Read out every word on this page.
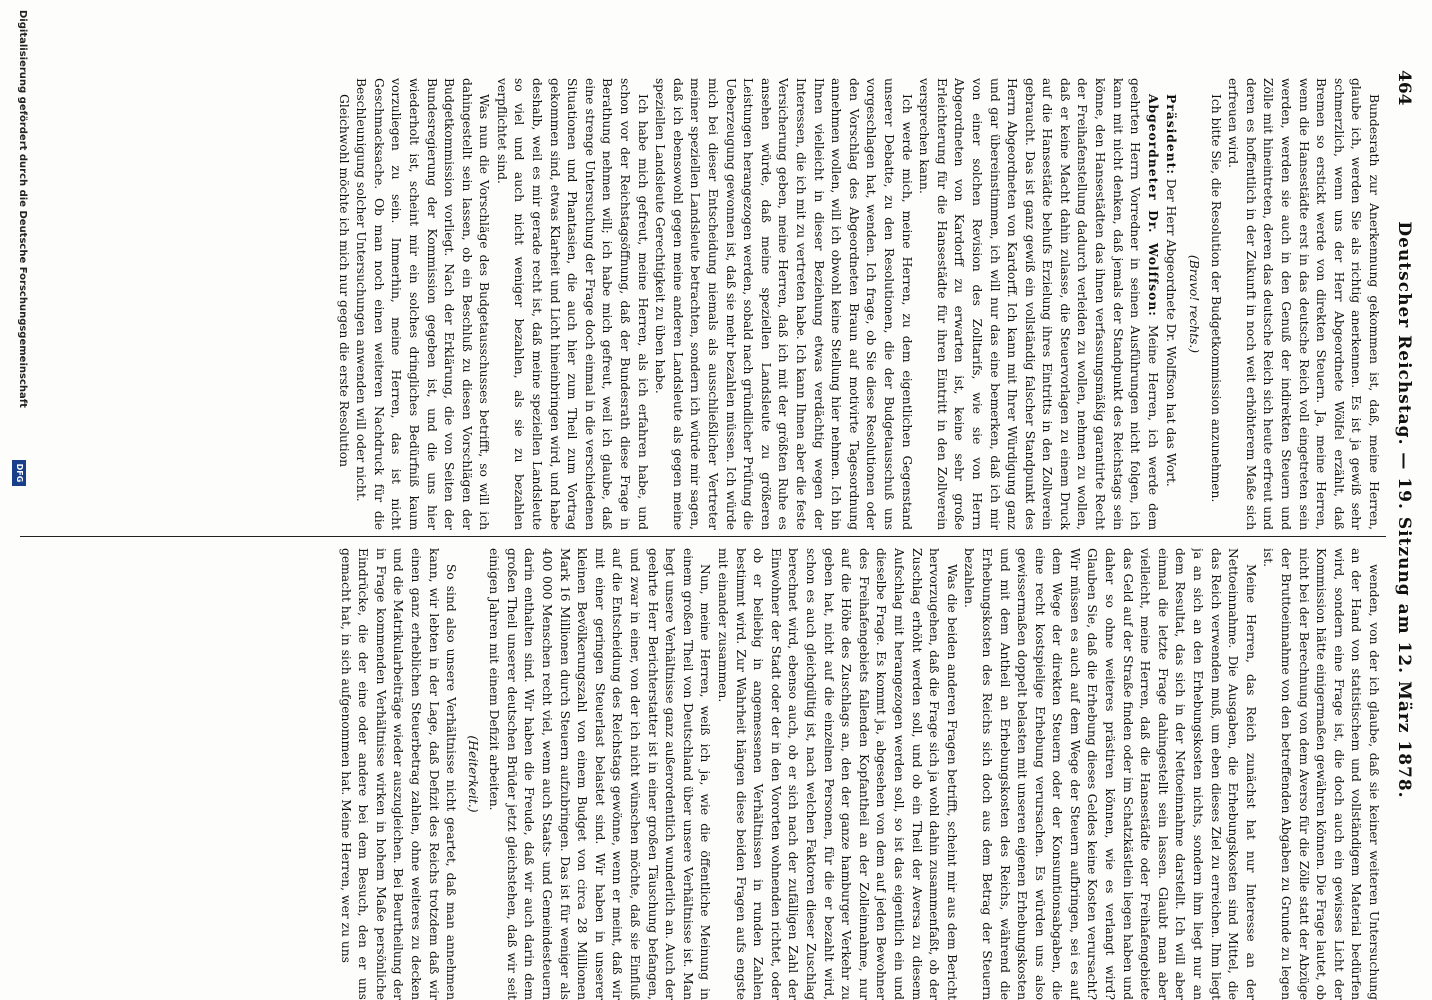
464
Deutscher Reichstag. — 19. Sitzung am 12. März 1878.

Bundesrath zur Anerkennung gekommen ist, daß, meine Herren, glaube ich, werden Sie als richtig anerkennen. Es ist ja gewiß sehr schmerzlich, wenn uns der Herr Abgeordnete Wölfel erzählt, daß Bremen so erstickt werde von direkten Steuern. Ja, meine Herren, wenn die Hansestädte erst in das deutsche Reich voll eingetreten sein werden, werden sie auch in den Genuß der indirekten Steuern und Zölle mit hineintreten, deren das deutsche Reich sich heute erfreut und deren es hoffentlich in der Zukunft in noch weit erhöhterem Maße sich erfreuen wird.

Ich bitte Sie, die Resolution der Budgetkommission anzunehmen.

(Bravo! rechts.)

Präsident: Der Herr Abgeordnete Dr. Wolffson hat das Wort.

Abgeordneter Dr. Wolffson: Meine Herren, ich werde dem geehrten Herrn Vorredner in seinen Ausführungen nicht folgen, ich kann mit nicht denken, daß jemals der Standpunkt des Reichstags sein könne, den Hansestädten das ihnen verfassungsmäßig garantirte Recht der Freihafenstellung dadurch verleiden zu wollen, nehmen zu wollen, daß er keine Macht dahin zulasse, die Steuervorlagen zu einem Druck auf die Hansestädte behufs Erzielung ihres Eintritts in den Zollverein gebraucht. Das ist ganz gewiß ein vollständig falscher Standpunkt des Herrn Abgeordneten von Kardorff. Ich kann mit Ihrer Würdigung ganz und gar übereinstimmen, ich will nur das eine bemerken, daß ich mir von einer solchen Revision des Zolltarifs, wie sie von Herrn Abgeordneten von Kardorff zu erwarten ist, keine sehr große Erleichterung für die Hansestädte für ihren Eintritt in den Zollverein versprechen kann.

Ich werde mich, meine Herren, zu dem eigentlichen Gegenstand unserer Debatte, zu den Resolutionen, die der Budgetausschuß uns vorgeschlagen hat, wenden. Ich frage, ob Sie diese Resolutionen oder den Vorschlag des Abgeordneten Braun auf motivirte Tagesordnung annehmen wollen, will ich obwohl keine Stellung hier nehmen. Ich bin Ihnen vielleicht in dieser Beziehung etwas verdächtig wegen der Interessen, die ich mit zu vertreten habe. Ich kann Ihnen aber die feste Versicherung geben, meine Herren, daß ich mit der größten Ruhe es ansehen würde, daß meine speziellen Landsleute zu größeren Leistungen herangezogen werden, sobald nach gründlicher Prüfung die Ueberzeugung gewonnen ist, daß sie mehr bezahlen müssen. Ich würde mich bei dieser Entscheidung niemals als ausschließlicher Vertreter meiner speziellen Landsleute betrachten, sondern ich würde mir sagen, daß ich ebensowohl gegen meine anderen Landsleute als gegen meine speziellen Landsleute Gerechtigkeit zu üben habe.

Ich habe mich gefreut, meine Herren, als ich erfahren habe, und schon vor der Reichstagsöffnung, daß der Bundesrath diese Frage in Berathung nehmen will; ich habe mich gefreut, weil ich glaube, daß eine strenge Untersuchung der Frage doch einmal in die verschiedenen Situationen und Phantasien, die auch hier zum Theil zum Vortrag gekommen sind, etwas Klarheit und Licht hineinbringen wird, und habe deshalb, weil es mir gerade recht ist, daß meine speziellen Landsleute so viel und auch nicht weniger bezahlen, als sie zu bezahlen verpflichtet sind.

Was nun die Vorschläge des Budgetausschusses betrifft, so will ich dahingestellt sein lassen, ob ein Beschluß zu diesen Vorschlägen der Budgetkommission vorliegt. Nach der Erklärung, die von Seiten der Bundesregierung der Kommission gegeben ist, und die uns hier wiederholt ist, scheint mir ein solches dringliches Bedürfniß kaum vorzuliegen zu sein. Immerhin, meine Herren, das ist nicht Geschmacksache. Ob man noch einen weiteren Nachdruck für die Beschleunigung solcher Untersuchungen anwenden will oder nicht.

Gleichwohl möchte ich mich nur gegen die erste Resolution

wenden, von der ich glaube, daß sie keiner weiteren Untersuchung an der Hand von statistischem und vollständigem Material bedürfen wird, sondern eine Frage ist, die doch auch ein gewisses Licht der Kommission hätte einigermaßen gewähren können. Die Frage lautet, ob nicht bei der Berechnung von dem Averso für die Zölle statt der Abzüge der Bruttoeinnahme von den betreffenden Abgaben zu Grunde zu legen ist.

Meine Herren, das Reich zunächst hat nur Interesse an der Nettoeinnahme. Die Ausgaben, die Erhebungskosten sind Mittel, die das Reich verwenden muß, um eben dieses Ziel zu erreichen. Ihm liegt ja an sich an den Erhebungskosten nichts, sondern ihm liegt nur an dem Resultat, das sich in der Nettoeinnahme darstellt. Ich will aber einmal die letzte Frage dahingestellt sein lassen. Glaubt man aber vielleicht, meine Herren, daß die Hansestädte oder Freihafengebiete das Geld auf der Straße finden oder im Schatzkästlein liegen haben und daher so ohne weiteres prästiren können, wie es verlangt wird? Glauben Sie, daß die Erhebung dieses Geldes keine Kosten verursacht? Wir müssen es auch auf dem Wege der Steuern aufbringen, sei es auf dem Wege der direkten Steuern oder der Konsumtionsabgaben, die eine recht kostspielige Erhebung verursachen. Es würden uns also gewissermaßen doppelt belasten mit unseren eigenen Erhebungskosten und mit dem Antheil an Erhebungskosten des Reichs, während die Erhebungskosten des Reichs sich doch aus dem Betrag der Steuern bezahlen.

Was die beiden anderen Fragen betrifft, scheint mir aus dem Bericht hervorzugehen, daß die Frage sich ja wohl dahin zusammenfaßt, ob der Zuschlag erhöht werden soll, und ob ein Theil der Aversa zu diesem Aufschlag mit herangezogen werden soll, so ist das eigentlich ein und dieselbe Frage. Es kommt ja, abgesehen von dem auf jeden Bewohner des Freihafengebiets fallenden Kopfantheil an der Zolleinnahme, nur auf die Höhe des Zuschlags an, den der ganze hamburger Verkehr zu geben hat, nicht auf die einzelnen Personen, für die er bezahlt wird, schon es auch gleichgültig ist, nach welchen Faktoren dieser Zuschlag berechnet wird, ebenso auch, ob er sich nach der zufälligen Zahl der Einwohner der Stadt oder der in den Vororten wohnenden richtet, oder ob er beliebig in angemessenen Verhältnissen in runden Zahlen bestimmt wird. Zur Wahrheit hängen diese beiden Fragen aufs engste mit einander zusammen.

Nun, meine Herren, weiß ich ja, wie die öffentliche Meinung in einem großen Theil von Deutschland über unsere Verhältnisse ist. Man hegt unsere Verhältnisse ganz außerordentlich wunderlich an. Auch der geehrte Herr Berichterstatter ist in einer großen Täuschung befangen, und zwar in einer, von der ich nicht wünschen möchte, daß sie Einfluß auf die Entscheidung des Reichstags gewönne, wenn er meint, daß wir mit einer geringen Steuerlast belastet sind. Wir haben in unserer kleinen Bevölkerungszahl von einem Budget von circa 28 Millionen Mark 16 Millionen durch Steuern aufzubringen. Das ist für weniger als 400 000 Menschen recht viel, wenn auch Staats- und Gemeindesteuern darin enthalten sind. Wir haben die Freude, daß wir auch darin dem großen Theil unserer deutschen Brüder jetzt gleichstehen, daß wir seit einigen Jahren mit einem Defizit arbeiten.

(Heiterkeit.)

So sind also unsere Verhältnisse nicht geartet, daß man annehmen kann, wir lebten in der Lage, daß Defizit des Reichs trotzdem daß wir einen ganz erheblichen Steuerbetrag zahlen, ohne weiteres zu decken und die Matrikularbeiträge wieder auszugleichen. Bei Beurtheilung der in Frage kommenden Verhältnisse wirken in hohem Maße persönliche Eindrücke, die der eine oder andere bei dem Besuch, den er uns gemacht hat, in sich aufgenommen hat. Meine Herren, wer zu uns

Digitalisierung gefördert durch die Deutsche Forschungsgemeinschaft
DFG
